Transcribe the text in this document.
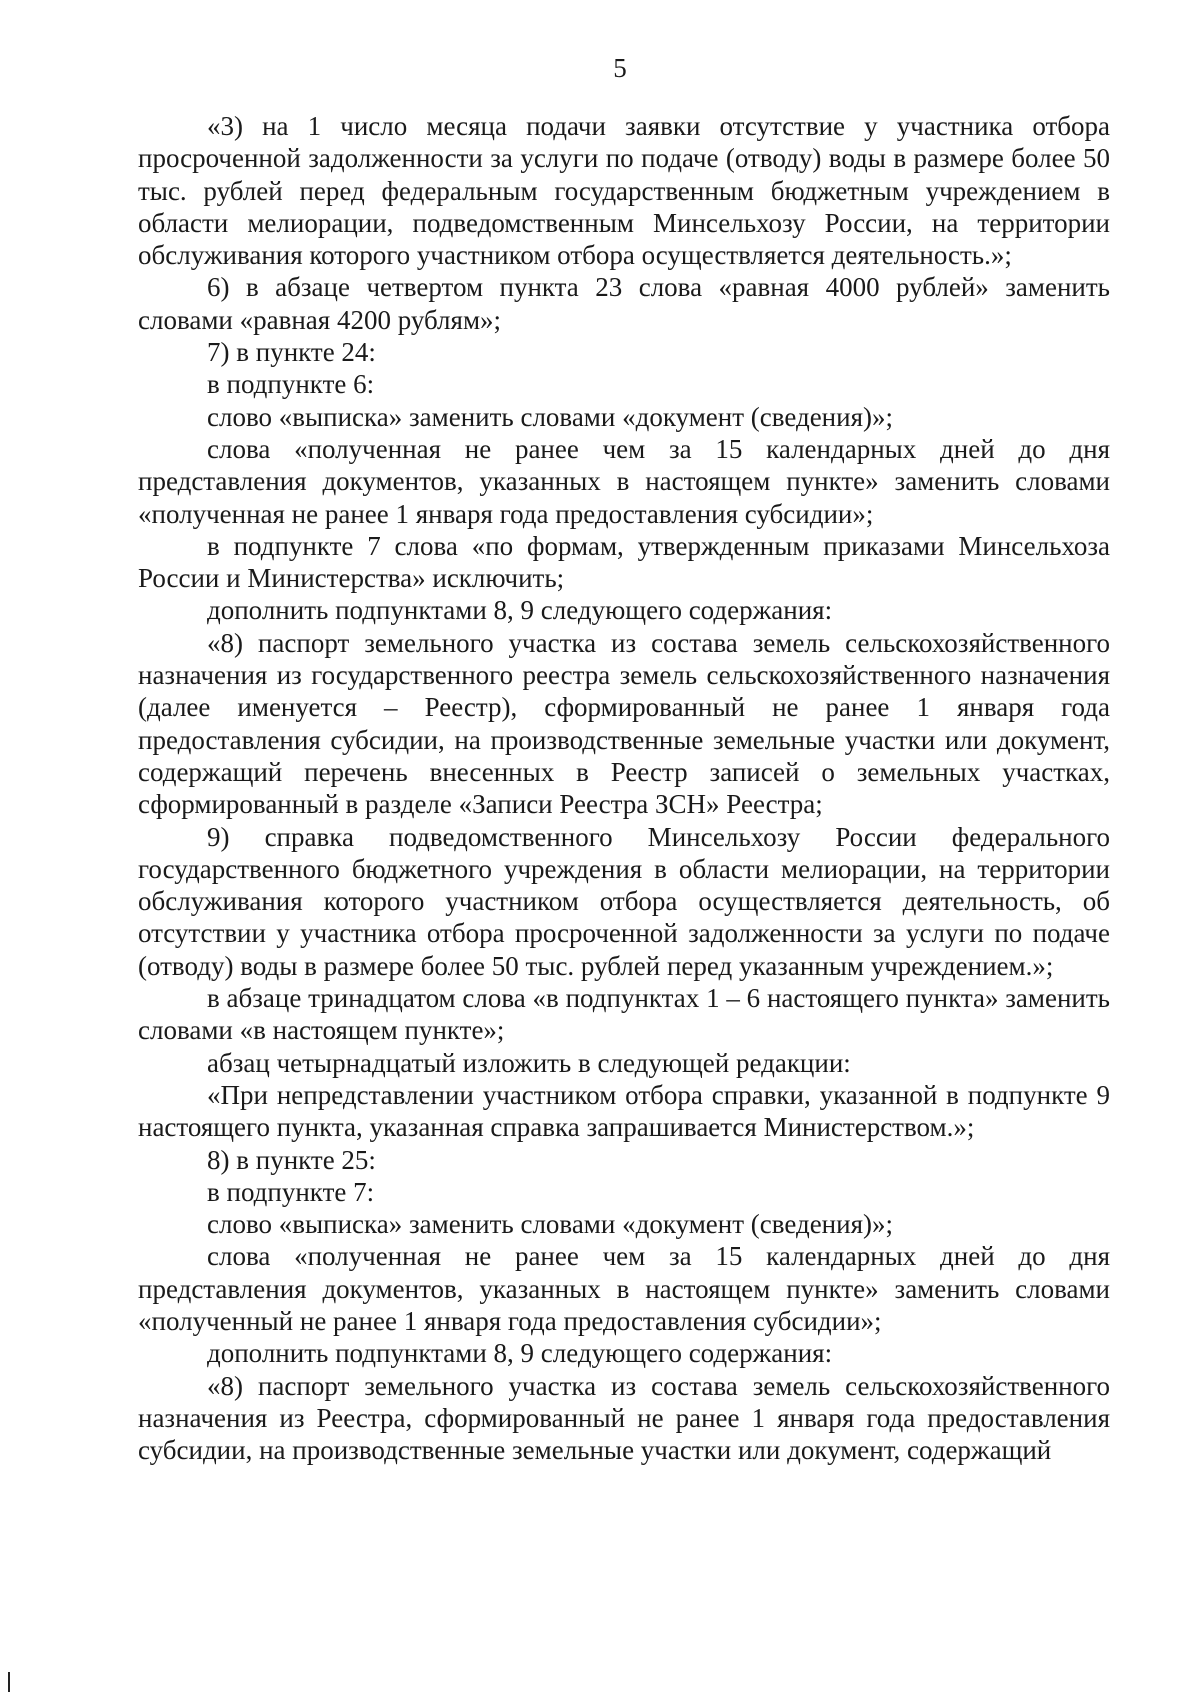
5

«3) на 1 число месяца подачи заявки отсутствие у участника отбора просроченной задолженности за услуги по подаче (отводу) воды в размере более 50 тыс. рублей перед федеральным государственным бюджетным учреждением в области мелиорации, подведомственным Минсельхозу России, на территории обслуживания которого участником отбора осуществляется деятельность.»;

6) в абзаце четвертом пункта 23 слова «равная 4000 рублей» заменить словами «равная 4200 рублям»;

7) в пункте 24:

в подпункте 6:

слово «выписка» заменить словами «документ (сведения)»;

слова «полученная не ранее чем за 15 календарных дней до дня представления документов, указанных в настоящем пункте» заменить словами «полученная не ранее 1 января года предоставления субсидии»;

в подпункте 7 слова «по формам, утвержденным приказами Минсельхоза России и Министерства» исключить;

дополнить подпунктами 8, 9 следующего содержания:

«8) паспорт земельного участка из состава земель сельскохозяйственного назначения из государственного реестра земель сельскохозяйственного назначения (далее именуется – Реестр), сформированный не ранее 1 января года предоставления субсидии, на производственные земельные участки или документ, содержащий перечень внесенных в Реестр записей о земельных участках, сформированный в разделе «Записи Реестра ЗСН» Реестра;

9) справка подведомственного Минсельхозу России федерального государственного бюджетного учреждения в области мелиорации, на территории обслуживания которого участником отбора осуществляется деятельность, об отсутствии у участника отбора просроченной задолженности за услуги по подаче (отводу) воды в размере более 50 тыс. рублей перед указанным учреждением.»;

в абзаце тринадцатом слова «в подпунктах 1 – 6 настоящего пункта» заменить словами «в настоящем пункте»;

абзац четырнадцатый изложить в следующей редакции:

«При непредставлении участником отбора справки, указанной в подпункте 9 настоящего пункта, указанная справка запрашивается Министерством.»;

8) в пункте 25:

в подпункте 7:

слово «выписка» заменить словами «документ (сведения)»;

слова «полученная не ранее чем за 15 календарных дней до дня представления документов, указанных в настоящем пункте» заменить словами «полученный не ранее 1 января года предоставления субсидии»;

дополнить подпунктами 8, 9 следующего содержания:

«8) паспорт земельного участка из состава земель сельскохозяйственного назначения из Реестра, сформированный не ранее 1 января года предоставления субсидии, на производственные земельные участки или документ, содержащий
